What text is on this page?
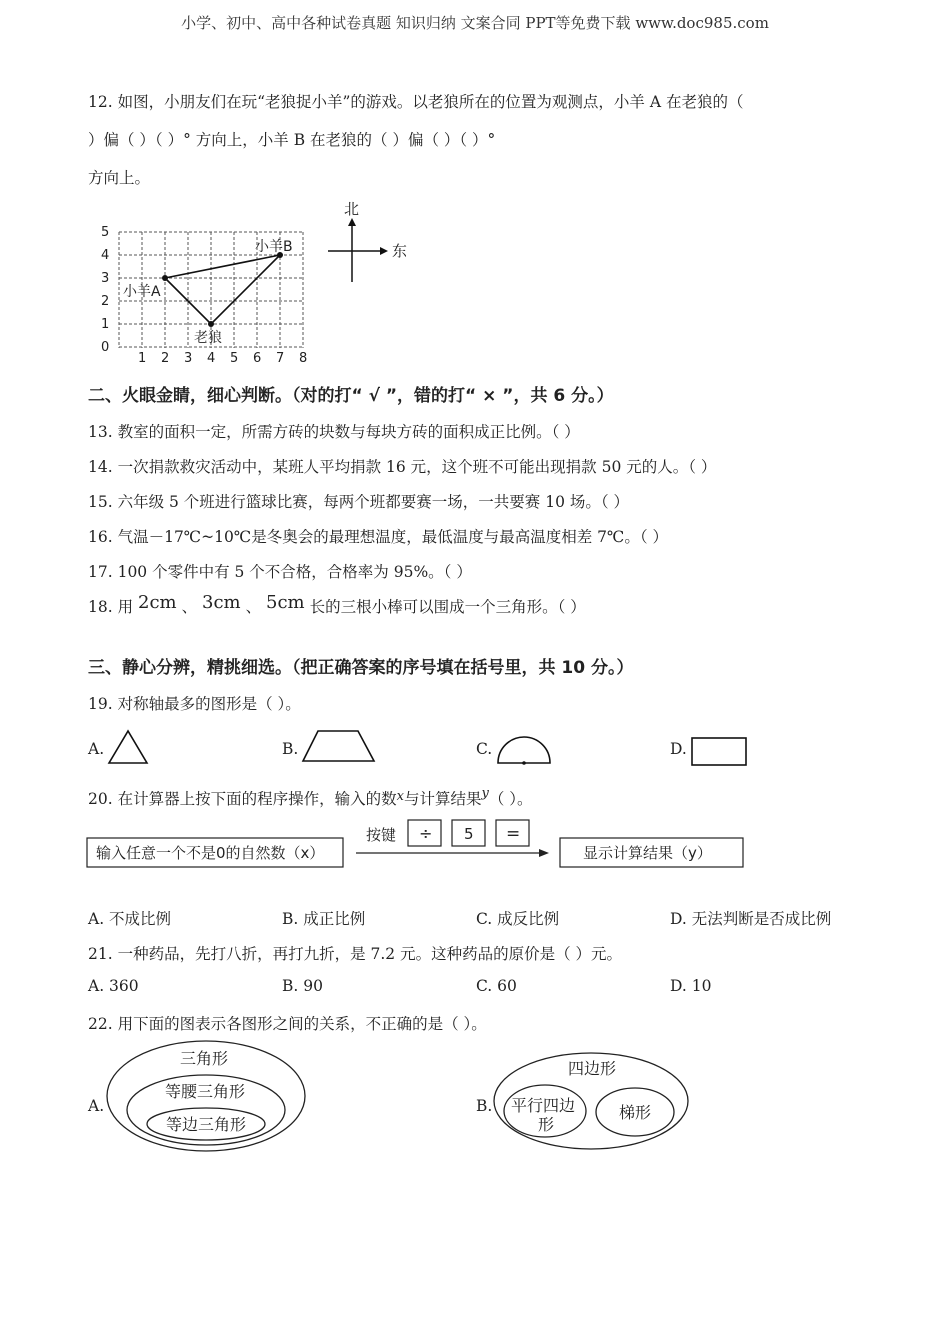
小学、初中、高中各种试卷真题 知识归纳 文案合同 PPT等免费下载 www.doc985.com
12. 如图，小朋友们在玩“老狼捉小羊”的游戏。以老狼所在的位置为观测点，小羊 A 在老狼的（
）偏（ ）（ ）° 方向上，小羊 B 在老狼的（ ）偏（ ）（ ）°
方向上。
5
4
3
2
1
0
1 2 3 4 5 6 7 8
小羊A
小羊B
老狼
北
东
二、火眼金睛，细心判断。（对的打“ √ ”，错的打“ × ”，共 6 分。）
13. 教室的面积一定，所需方砖的块数与每块方砖的面积成正比例。（ ）
14. 一次捐款救灾活动中，某班人平均捐款 16 元，这个班不可能出现捐款 50 元的人。（ ）
15. 六年级 5 个班进行篮球比赛，每两个班都要赛一场，一共要赛 10 场。（ ）
16. 气温－17℃~10℃是冬奥会的最理想温度，最低温度与最高温度相差 7℃。（ ）
17. 100 个零件中有 5 个不合格，合格率为 95%。（ ）
18. 用 2cm 、 3cm 、 5cm 长的三根小棒可以围成一个三角形。（ ）
三、静心分辨，精挑细选。（把正确答案的序号填在括号里，共 10 分。）
19. 对称轴最多的图形是（ ）。
A.	B.	C.	D.
20. 在计算器上按下面的程序操作，输入的数$^x$与计算结果$^y$（ ）。
输入任意一个不是0的自然数（x）
按键 ÷ 5 =
显示计算结果（y）
A. 不成比例	B. 成正比例	C. 成反比例	D. 无法判断是否成比例
21. 一种药品，先打八折，再打九折，是 7.2 元。这种药品的原价是（ ）元。
A. 360	B. 90	C. 60	D. 10
22. 用下面的图表示各图形之间的关系，不正确的是（ ）。
A.
三角形
等腰三角形
等边三角形
B.
四边形
平行四边
形
梯形
